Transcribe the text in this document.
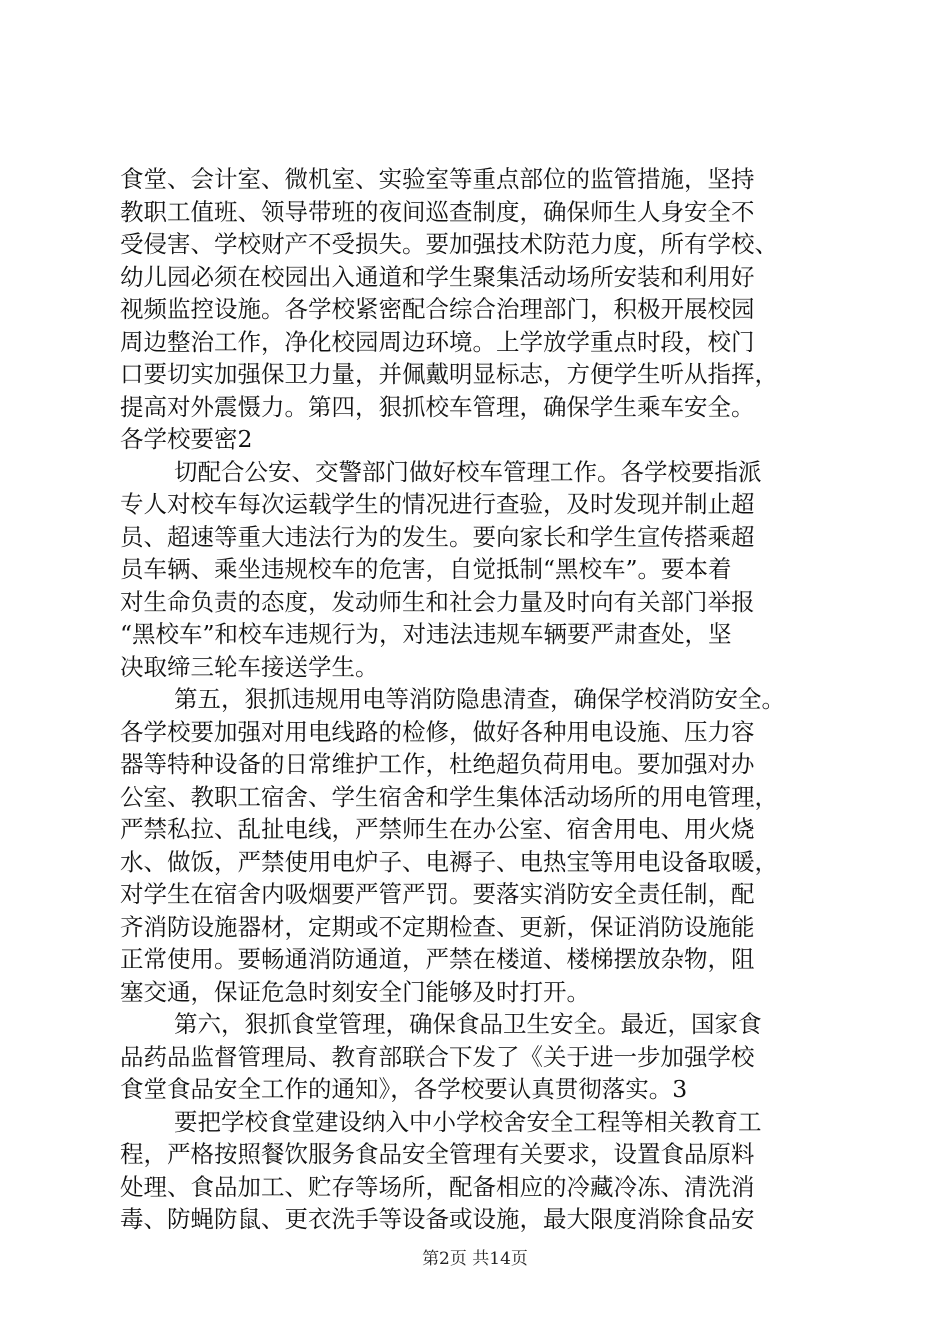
食堂、会计室、微机室、实验室等重点部位的监管措施，坚持
教职工值班、领导带班的夜间巡查制度，确保师生人身安全不
受侵害、学校财产不受损失。要加强技术防范力度，所有学校、
幼儿园必须在校园出入通道和学生聚集活动场所安装和利用好
视频监控设施。各学校紧密配合综合治理部门，积极开展校园
周边整治工作，净化校园周边环境。上学放学重点时段，校门
口要切实加强保卫力量，并佩戴明显标志，方便学生听从指挥，
提高对外震慑力。第四，狠抓校车管理，确保学生乘车安全。
各学校要密2
切配合公安、交警部门做好校车管理工作。各学校要指派
专人对校车每次运载学生的情况进行查验，及时发现并制止超
员、超速等重大违法行为的发生。要向家长和学生宣传搭乘超
员车辆、乘坐违规校车的危害，自觉抵制“黑校车”。要本着
对生命负责的态度，发动师生和社会力量及时向有关部门举报
“黑校车”和校车违规行为，对违法违规车辆要严肃查处，坚
决取缔三轮车接送学生。
第五，狠抓违规用电等消防隐患清查，确保学校消防安全。
各学校要加强对用电线路的检修，做好各种用电设施、压力容
器等特种设备的日常维护工作，杜绝超负荷用电。要加强对办
公室、教职工宿舍、学生宿舍和学生集体活动场所的用电管理，
严禁私拉、乱扯电线，严禁师生在办公室、宿舍用电、用火烧
水、做饭，严禁使用电炉子、电褥子、电热宝等用电设备取暖，
对学生在宿舍内吸烟要严管严罚。要落实消防安全责任制，配
齐消防设施器材，定期或不定期检查、更新，保证消防设施能
正常使用。要畅通消防通道，严禁在楼道、楼梯摆放杂物，阻
塞交通，保证危急时刻安全门能够及时打开。
第六，狠抓食堂管理，确保食品卫生安全。最近，国家食
品药品监督管理局、教育部联合下发了《关于进一步加强学校
食堂食品安全工作的通知》，各学校要认真贯彻落实。3
要把学校食堂建设纳入中小学校舍安全工程等相关教育工
程，严格按照餐饮服务食品安全管理有关要求，设置食品原料
处理、食品加工、贮存等场所，配备相应的冷藏冷冻、清洗消
毒、防蝇防鼠、更衣洗手等设备或设施，最大限度消除食品安
第2页 共14页
